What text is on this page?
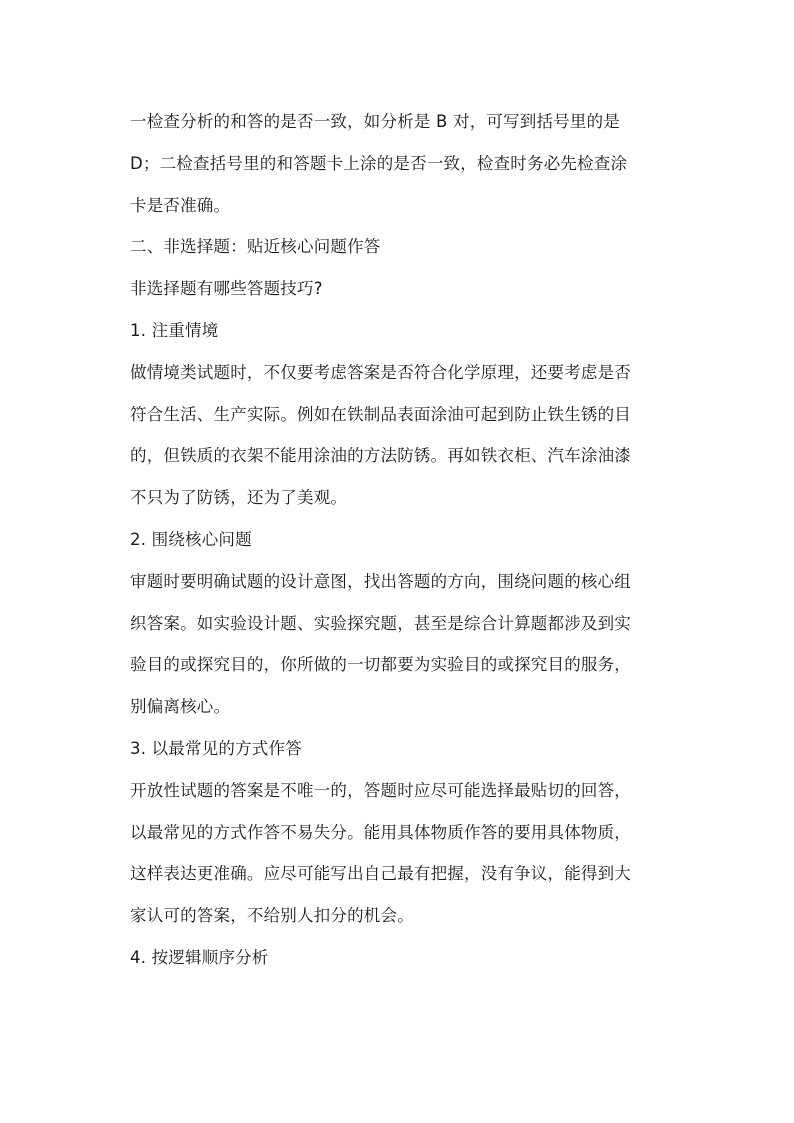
一检查分析的和答的是否一致，如分析是 B 对，可写到括号里的是
D；二检查括号里的和答题卡上涂的是否一致，检查时务必先检查涂
卡是否准确。
二、非选择题：贴近核心问题作答
非选择题有哪些答题技巧?
1. 注重情境
做情境类试题时，不仅要考虑答案是否符合化学原理，还要考虑是否
符合生活、生产实际。例如在铁制品表面涂油可起到防止铁生锈的目
的，但铁质的衣架不能用涂油的方法防锈。再如铁衣柜、汽车涂油漆
不只为了防锈，还为了美观。
2. 围绕核心问题
审题时要明确试题的设计意图，找出答题的方向，围绕问题的核心组
织答案。如实验设计题、实验探究题，甚至是综合计算题都涉及到实
验目的或探究目的，你所做的一切都要为实验目的或探究目的服务，
别偏离核心。
3. 以最常见的方式作答
开放性试题的答案是不唯一的，答题时应尽可能选择最贴切的回答，
以最常见的方式作答不易失分。能用具体物质作答的要用具体物质，
这样表达更准确。应尽可能写出自己最有把握，没有争议，能得到大
家认可的答案，不给别人扣分的机会。
4. 按逻辑顺序分析
